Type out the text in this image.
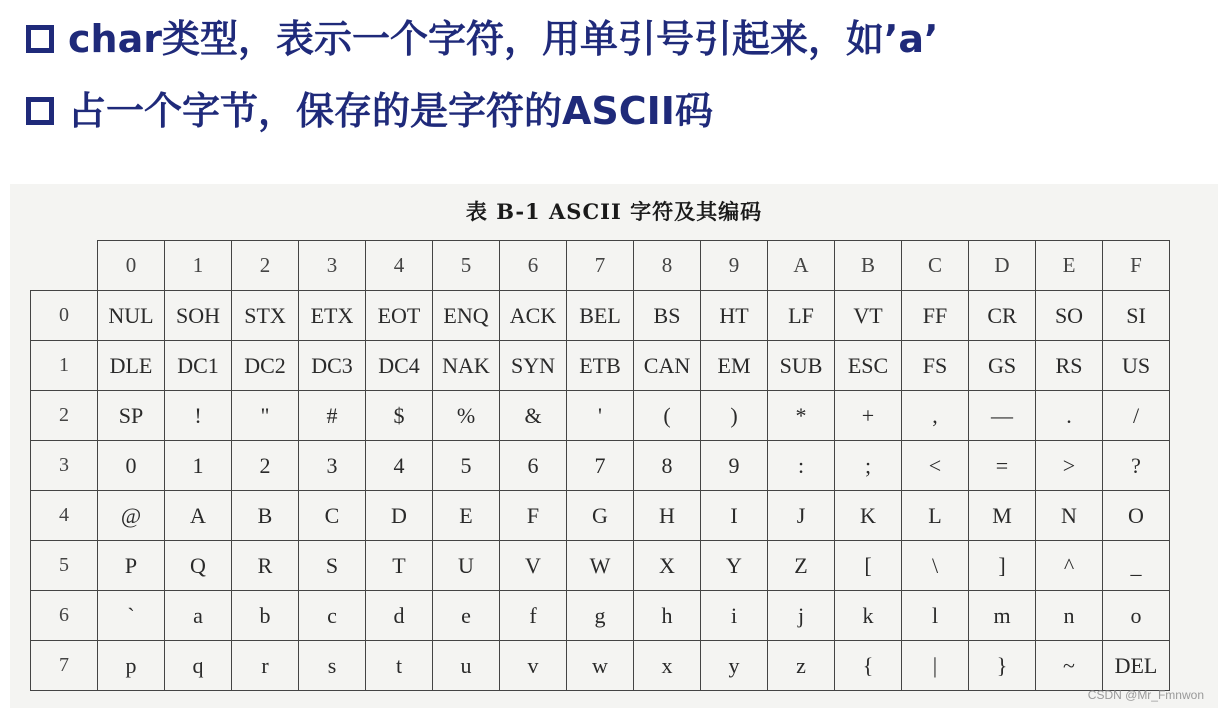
char类型，表示一个字符，用单引号引起来，如’a’
占一个字节，保存的是字符的ASCII码
表 B-1 ASCII 字符及其编码
	0	1	2	3	4	5	6	7	8	9	A	B	C	D	E	F
0	NUL	SOH	STX	ETX	EOT	ENQ	ACK	BEL	BS	HT	LF	VT	FF	CR	SO	SI
1	DLE	DC1	DC2	DC3	DC4	NAK	SYN	ETB	CAN	EM	SUB	ESC	FS	GS	RS	US
2	SP	!	"	#	$	%	&	'	(	)	*	+	,	—	.	/
3	0	1	2	3	4	5	6	7	8	9	:	;	<	=	>	?
4	@	A	B	C	D	E	F	G	H	I	J	K	L	M	N	O
5	P	Q	R	S	T	U	V	W	X	Y	Z	[	\	]	^	_
6	`	a	b	c	d	e	f	g	h	i	j	k	l	m	n	o
7	p	q	r	s	t	u	v	w	x	y	z	{	|	}	~	DEL
CSDN @Mr_Fmnwon
